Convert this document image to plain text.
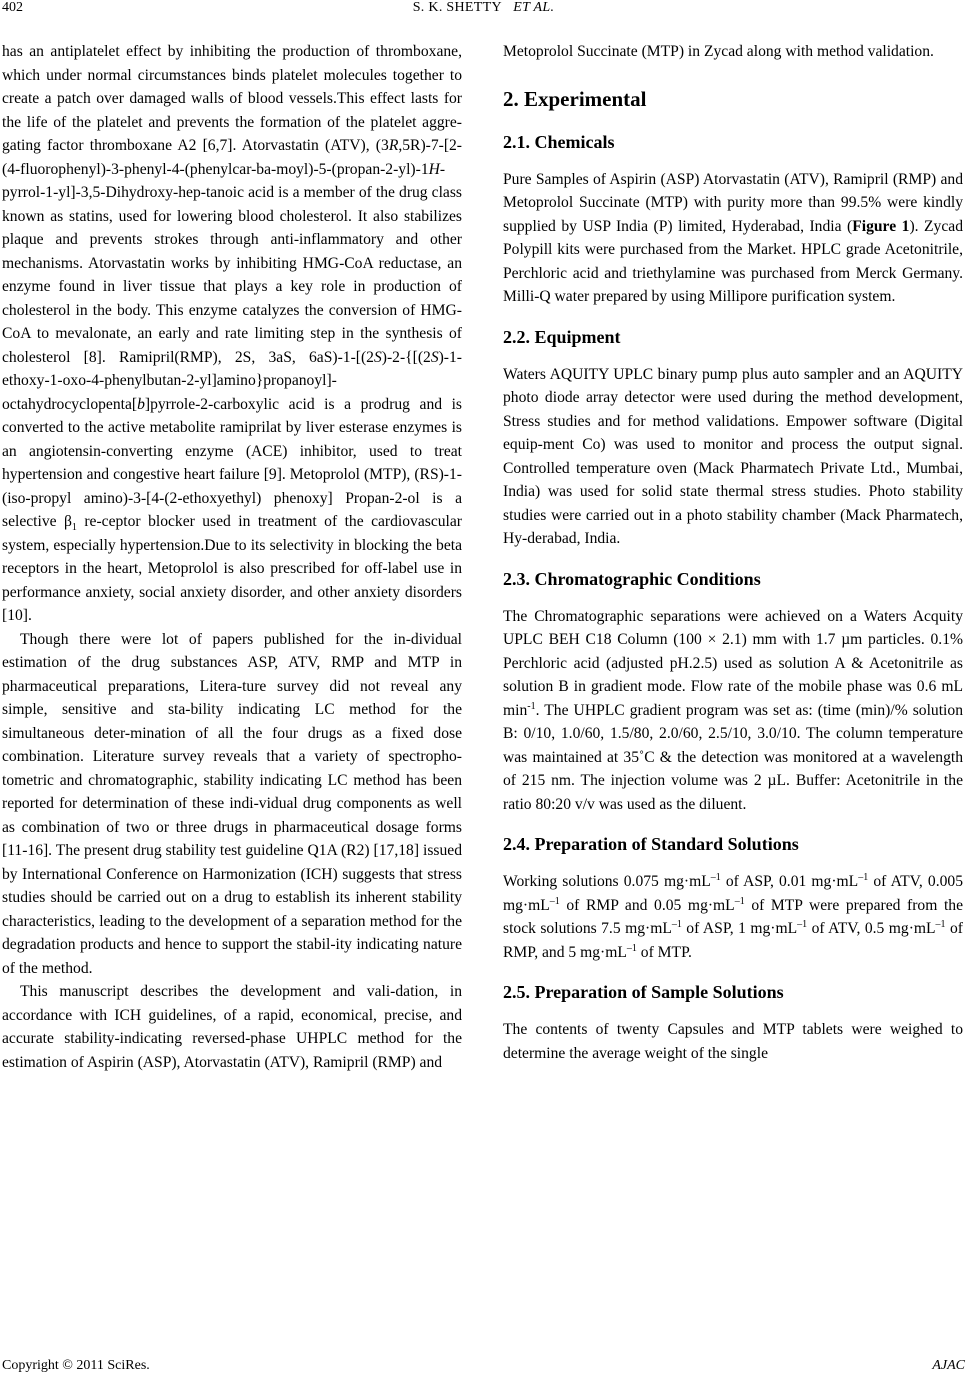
402	S. K. SHETTY ET AL.

has an antiplatelet effect by inhibiting the production of thromboxane, which under normal circumstances binds platelet molecules together to create a patch over damaged walls of blood vessels.This effect lasts for the life of the platelet and prevents the formation of the platelet aggre-gating factor thromboxane A2 [6,7]. Atorvastatin (ATV), (3R,5R)-7-[2-(4-fluorophenyl)-3-phenyl-4-(phenylcar-ba-moyl)-5-(propan-2-yl)-1H-pyrrol-1-yl]-3,5-Dihydroxy-hep-tanoic acid is a member of the drug class known as statins, used for lowering blood cholesterol. It also stabilizes plaque and prevents strokes through anti-inflammatory and other mechanisms. Atorvastatin works by inhibiting HMG-CoA reductase, an enzyme found in liver tissue that plays a key role in production of cholesterol in the body. This enzyme catalyzes the conversion of HMG-CoA to mevalonate, an early and rate limiting step in the synthesis of cholesterol [8]. Ramipril(RMP), 2S, 3aS, 6aS)-1-[(2S)-2-{[(2S)-1-ethoxy-1-oxo-4-phenylbutan-2-yl]amino}propanoyl]-octahydrocyclopenta[b]pyrrole-2-carboxylic acid is a prodrug and is converted to the active metabolite ramiprilat by liver esterase enzymes is an angiotensin-converting enzyme (ACE) inhibitor, used to treat hypertension and congestive heart failure [9]. Metoprolol (MTP), (RS)-1-(iso-propyl amino)-3-[4-(2-ethoxyethyl) phenoxy] Propan-2-ol is a selective $\beta_1$ re-ceptor blocker used in treatment of the cardiovascular system, especially hypertension.Due to its selectivity in blocking the beta receptors in the heart, Metoprolol is also prescribed for off-label use in performance anxiety, social anxiety disorder, and other anxiety disorders [10].

Though there were lot of papers published for the in-dividual estimation of the drug substances ASP, ATV, RMP and MTP in pharmaceutical preparations, Litera-ture survey did not reveal any simple, sensitive and sta-bility indicating LC method for the simultaneous deter-mination of all the four drugs as a fixed dose combination. Literature survey reveals that a variety of spectropho-tometric and chromatographic, stability indicating LC method has been reported for determination of these indi-vidual drug components as well as combination of two or three drugs in pharmaceutical dosage forms [11-16]. The present drug stability test guideline Q1A (R2) [17,18] issued by International Conference on Harmonization (ICH) suggests that stress studies should be carried out on a drug to establish its inherent stability characteristics, leading to the development of a separation method for the degradation products and hence to support the stabil-ity indicating nature of the method.

This manuscript describes the development and vali-dation, in accordance with ICH guidelines, of a rapid, economical, precise, and accurate stability-indicating reversed-phase UHPLC method for the estimation of Aspirin (ASP), Atorvastatin (ATV), Ramipril (RMP) and

Metoprolol Succinate (MTP) in Zycad along with method validation.

2. Experimental
2.1. Chemicals

Pure Samples of Aspirin (ASP) Atorvastatin (ATV), Ramipril (RMP) and Metoprolol Succinate (MTP) with purity more than 99.5% were kindly supplied by USP India (P) limited, Hyderabad, India (Figure 1). Zycad Polypill kits were purchased from the Market. HPLC grade Acetonitrile, Perchloric acid and triethylamine was purchased from Merck Germany. Milli-Q water prepared by using Millipore purification system.

2.2. Equipment

Waters AQUITY UPLC binary pump plus auto sampler and an AQUITY photo diode array detector were used during the method development, Stress studies and for method validations. Empower software (Digital equip-ment Co) was used to monitor and process the output signal. Controlled temperature oven (Mack Pharmatech Private Ltd., Mumbai, India) was used for solid state thermal stress studies. Photo stability studies were carried out in a photo stability chamber (Mack Pharmatech, Hy-derabad, India.

2.3. Chromatographic Conditions

The Chromatographic separations were achieved on a Waters Acquity UPLC BEH C18 Column (100 × 2.1) mm with 1.7 µm particles. 0.1% Perchloric acid (adjusted pH.2.5) used as solution A & Acetonitrile as solution B in gradient mode. Flow rate of the mobile phase was 0.6 mL $\min^{-1}$. The UHPLC gradient program was set as: (time (min)/% solution B: 0/10, 1.0/60, 1.5/80, 2.0/60, 2.5/10, 3.0/10. The column temperature was maintained at 35˚C & the detection was monitored at a wavelength of 215 nm. The injection volume was 2 µL. Buffer: Acetonitrile in the ratio 80:20 v/v was used as the diluent.

2.4. Preparation of Standard Solutions

Working solutions 0.075 $mg\cdot mL^{-1}$ of ASP, 0.01 $mg\cdot mL^{-1}$ of ATV, 0.005 $mg\cdot mL^{-1}$ of RMP and 0.05 $mg\cdot mL^{-1}$ of MTP were prepared from the stock solutions 7.5 $mg\cdot mL^{-1}$ of ASP, 1 $mg\cdot mL^{-1}$ of ATV, 0.5 $mg\cdot mL^{-1}$ of RMP, and 5 $mg\cdot mL^{-1}$ of MTP.

2.5. Preparation of Sample Solutions

The contents of twenty Capsules and MTP tablets were weighed to determine the average weight of the single

Copyright © 2011 SciRes.	AJAC
